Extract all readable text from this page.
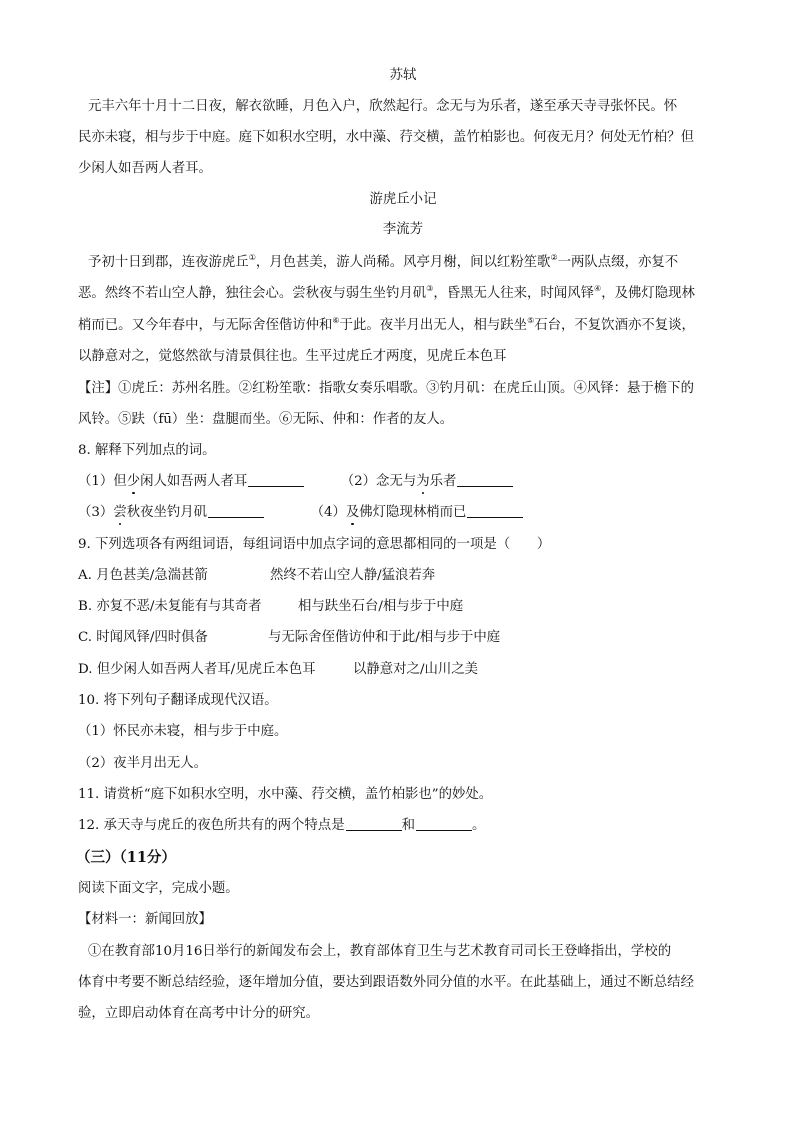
苏轼
元丰六年十月十二日夜，解衣欲睡，月色入户，欣然起行。念无与为乐者，遂至承天寺寻张怀民。怀
民亦未寝，相与步于中庭。庭下如积水空明，水中藻、荇交横，盖竹柏影也。何夜无月？何处无竹柏？但
少闲人如吾两人者耳。
游虎丘小记
李流芳
予初十日到郡，连夜游虎丘①，月色甚美，游人尚稀。风亭月榭，间以红粉笙歌②一两队点缀，亦复不
恶。然终不若山空人静，独往会心。尝秋夜与弱生坐钓月矶③，昏黑无人往来，时闻风铎④，及佛灯隐现林
梢而已。又今年春中，与无际舍侄偕访仲和⑥于此。夜半月出无人，相与趺坐⑤石台，不复饮酒亦不复谈，
以静意对之，觉悠然欲与清景俱往也。生平过虎丘才两度，见虎丘本色耳
【注】①虎丘：苏州名胜。②红粉笙歌：指歌女奏乐唱歌。③钓月矶：在虎丘山顶。④风铎：悬于檐下的
风铃。⑤趺（fū）坐：盘腿而坐。⑥无际、仲和：作者的友人。
8. 解释下列加点的词。
（1）但少闲人如吾两人者耳	（2）念无与为乐者
（3）尝秋夜坐钓月矶	（4）及佛灯隐现林梢而已
9. 下列选项各有两组词语，每组词语中加点字词的意思都相同的一项是（　　）
A. 月色甚美/急湍甚箭	然终不若山空人静/猛浪若奔
B. 亦复不恶/未复能有与其奇者	相与趺坐石台/相与步于中庭
C. 时闻风铎/四时俱备	与无际舍侄偕访仲和于此/相与步于中庭
D. 但少闲人如吾两人者耳/见虎丘本色耳	以静意对之/山川之美
10. 将下列句子翻译成现代汉语。
（1）怀民亦未寝，相与步于中庭。
（2）夜半月出无人。
11. 请赏析“庭下如积水空明，水中藻、荇交横，盖竹柏影也”的妙处。
12. 承天寺与虎丘的夜色所共有的两个特点是	和	。
（三）（11分）
阅读下面文字，完成小题。
【材料一：新闻回放】
①在教育部10月16日举行的新闻发布会上，教育部体育卫生与艺术教育司司长王登峰指出，学校的
体育中考要不断总结经验，逐年增加分值，要达到跟语数外同分值的水平。在此基础上，通过不断总结经
验，立即启动体育在高考中计分的研究。
